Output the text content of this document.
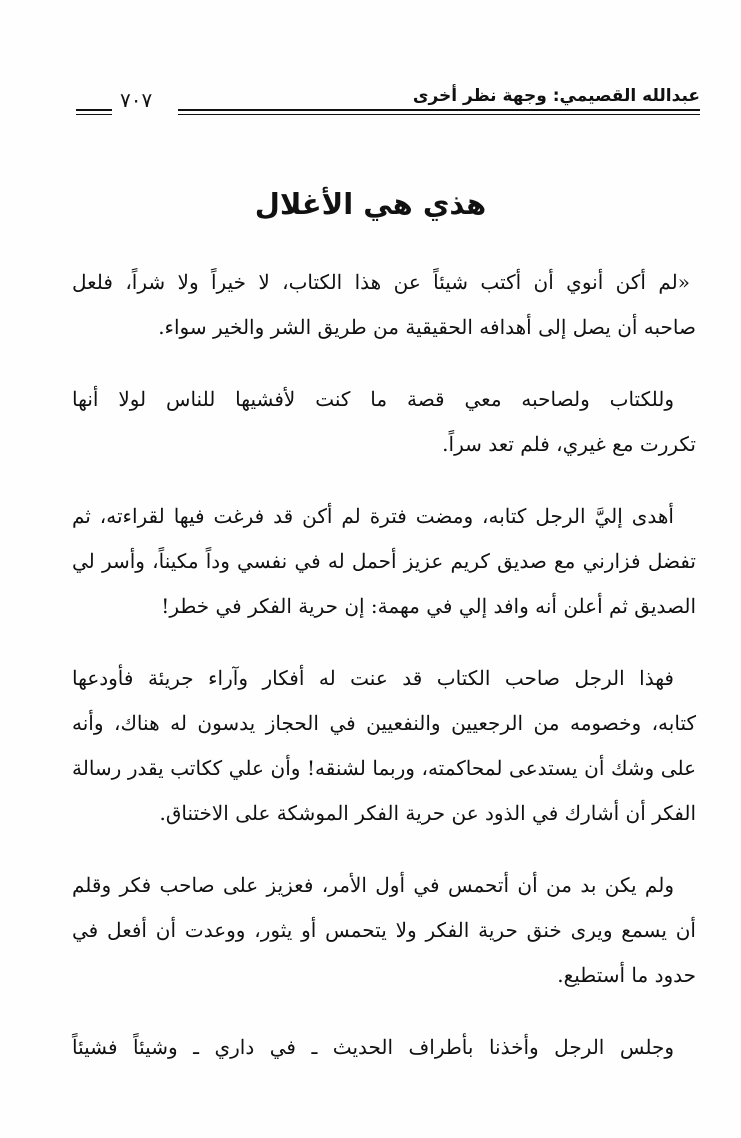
عبدالله القصيمي: وجهة نظر أخرى
٧٠٧
هذي هي الأغلال

«لم أكن أنوي أن أكتب شيئاً عن هذا الكتاب، لا خيراً ولا شراً، فلعل
صاحبه أن يصل إلى أهدافه الحقيقية من طريق الشر والخير سواء.

وللكتاب ولصاحبه معي قصة ما كنت لأفشيها للناس لولا أنها
تكررت مع غيري، فلم تعد سراً.

أهدى إليَّ الرجل كتابه، ومضت فترة لم أكن قد فرغت فيها لقراءته، ثم
تفضل فزارني مع صديق كريم عزيز أحمل له في نفسي وداً مكيناً، وأسر لي
الصديق ثم أعلن أنه وافد إلي في مهمة: إن حرية الفكر في خطر!

فهذا الرجل صاحب الكتاب قد عنت له أفكار وآراء جريئة فأودعها
كتابه، وخصومه من الرجعيين والنفعيين في الحجاز يدسون له هناك، وأنه
على وشك أن يستدعى لمحاكمته، وربما لشنقه! وأن علي ككاتب يقدر رسالة
الفكر أن أشارك في الذود عن حرية الفكر الموشكة على الاختناق.

ولم يكن بد من أن أتحمس في أول الأمر، فعزيز على صاحب فكر وقلم
أن يسمع ويرى خنق حرية الفكر ولا يتحمس أو يثور، ووعدت أن أفعل في
حدود ما أستطيع.

وجلس الرجل وأخذنا بأطراف الحديث ـ في داري ـ وشيئاً فشيئاً
